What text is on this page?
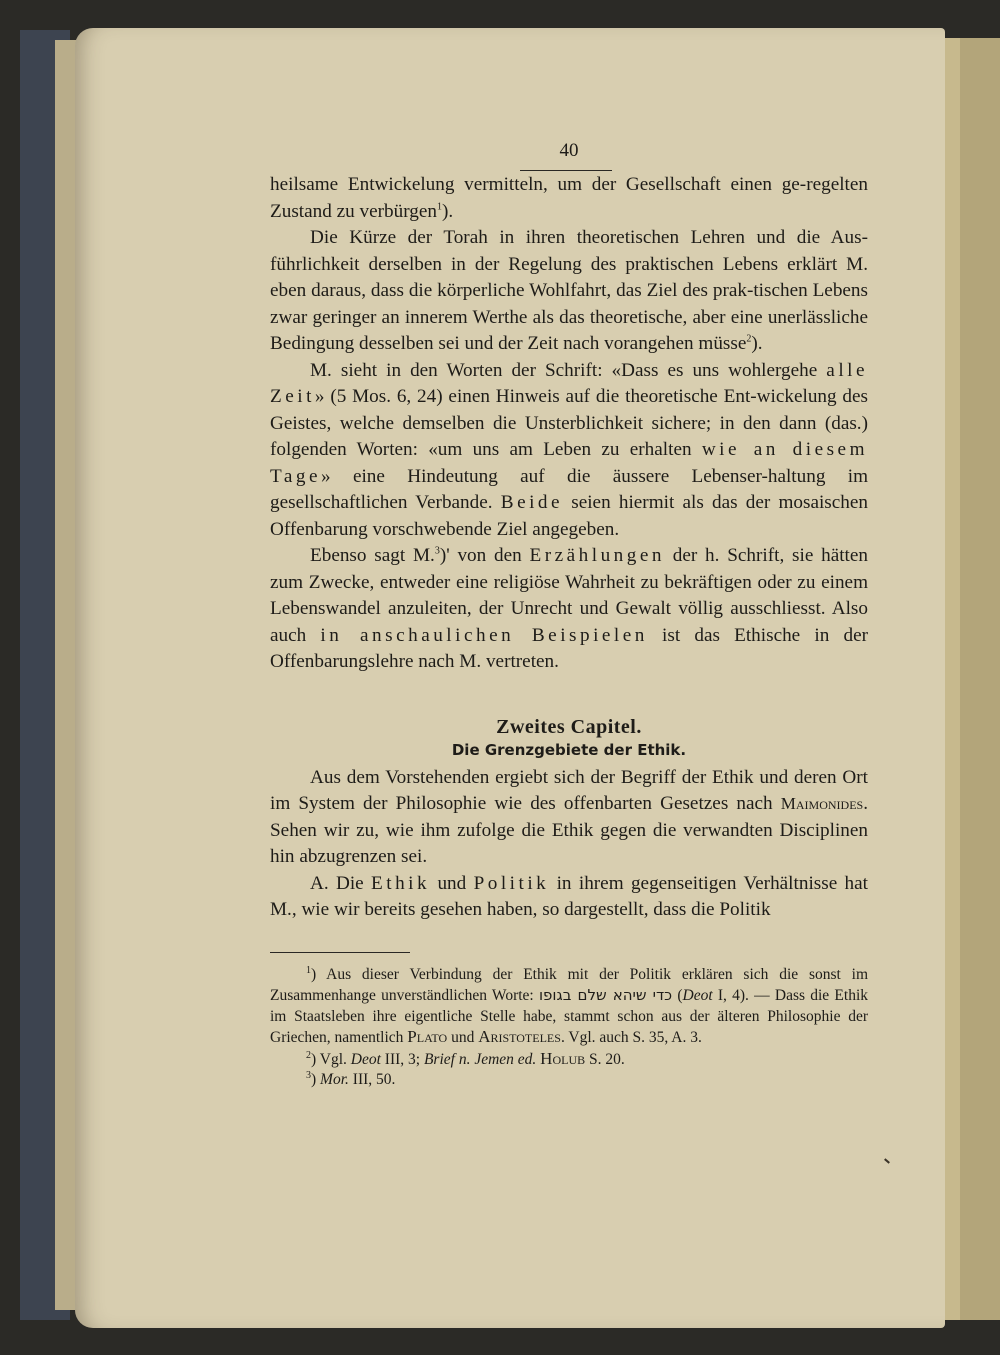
40

heilsame Entwickelung vermitteln, um der Gesellschaft einen ge-regelten Zustand zu verbürgen$^1$).

Die Kürze der Torah in ihren theoretischen Lehren und die Aus-führlichkeit derselben in der Regelung des praktischen Lebens erklärt M. eben daraus, dass die körperliche Wohlfahrt, das Ziel des prak-tischen Lebens zwar geringer an innerem Werthe als das theoretische, aber eine unerlässliche Bedingung desselben sei und der Zeit nach vorangehen müsse$^2$).

M. sieht in den Worten der Schrift: «Dass es uns wohlergehe alle Zeit» (5 Mos. 6, 24) einen Hinweis auf die theoretische Ent-wickelung des Geistes, welche demselben die Unsterblichkeit sichere; in den dann (das.) folgenden Worten: «um uns am Leben zu erhalten wie an diesem Tage» eine Hindeutung auf die äussere Lebenser-haltung im gesellschaftlichen Verbande. Beide seien hiermit als das der mosaischen Offenbarung vorschwebende Ziel angegeben.

Ebenso sagt M.$^3$)' von den Erzählungen der h. Schrift, sie hätten zum Zwecke, entweder eine religiöse Wahrheit zu bekräftigen oder zu einem Lebenswandel anzuleiten, der Unrecht und Gewalt völlig ausschliesst. Also auch in anschaulichen Beispielen ist das Ethische in der Offenbarungslehre nach M. vertreten.

Zweites Capitel.
Die Grenzgebiete der Ethik.

Aus dem Vorstehenden ergiebt sich der Begriff der Ethik und deren Ort im System der Philosophie wie des offenbarten Gesetzes nach Maimonides. Sehen wir zu, wie ihm zufolge die Ethik gegen die verwandten Disciplinen hin abzugrenzen sei.

A. Die Ethik und Politik in ihrem gegenseitigen Verhältnisse hat M., wie wir bereits gesehen haben, so dargestellt, dass die Politik

$^1$) Aus dieser Verbindung der Ethik mit der Politik erklären sich die sonst im Zusammenhange unverständlichen Worte: כדי שיהא שלם בגופו (Deot I, 4). — Dass die Ethik im Staatsleben ihre eigentliche Stelle habe, stammt schon aus der älteren Philosophie der Griechen, namentlich Plato und Aristoteles. Vgl. auch S. 35, A. 3.

$^2$) Vgl. Deot III, 3; Brief n. Jemen ed. Holub S. 20.

$^3$) Mor. III, 50.
